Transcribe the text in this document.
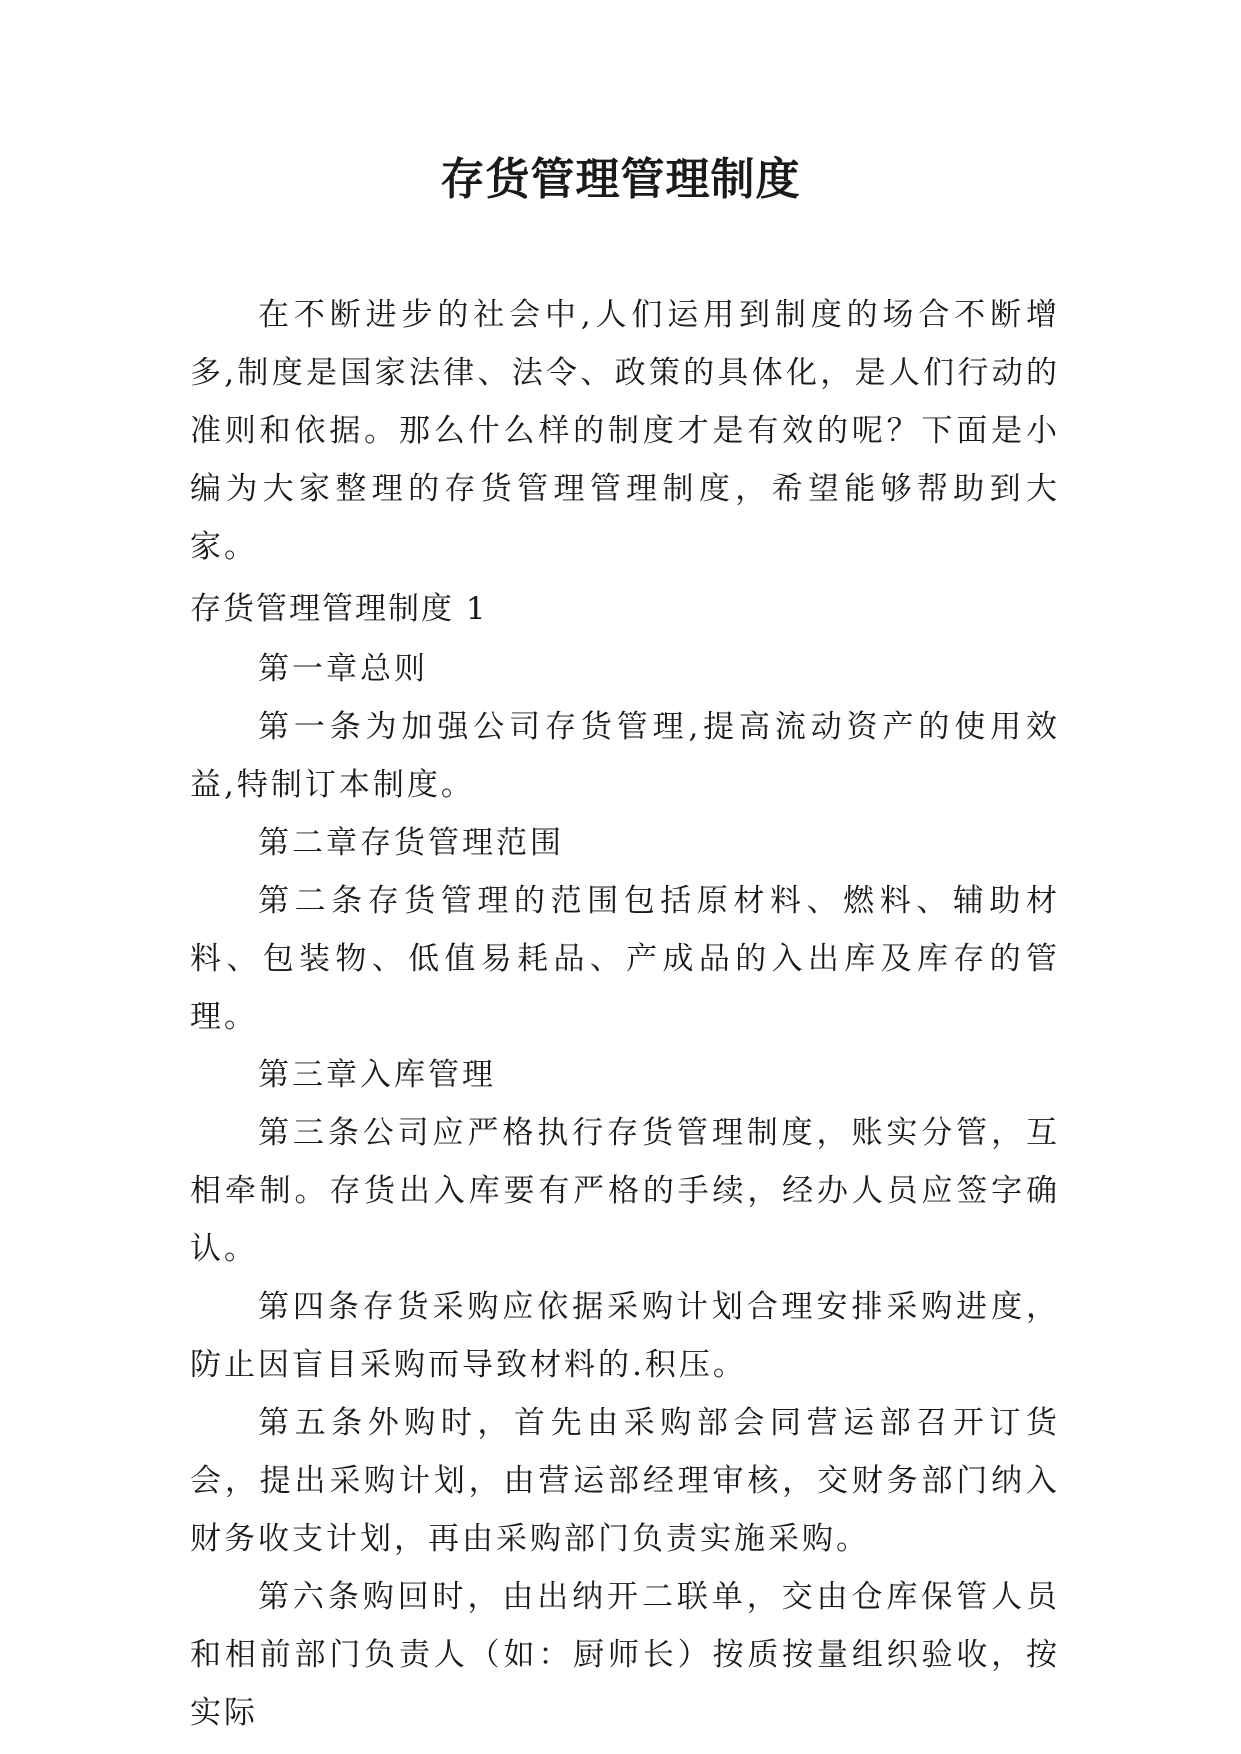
存货管理管理制度

在不断进步的社会中,人们运用到制度的场合不断增多,制度是国家法律、法令、政策的具体化，是人们行动的准则和依据。那么什么样的制度才是有效的呢？下面是小编为大家整理的存货管理管理制度，希望能够帮助到大家。

存货管理管理制度 1

第一章总则

第一条为加强公司存货管理,提高流动资产的使用效益,特制订本制度。

第二章存货管理范围

第二条存货管理的范围包括原材料、燃料、辅助材料、包装物、低值易耗品、产成品的入出库及库存的管理。

第三章入库管理

第三条公司应严格执行存货管理制度，账实分管，互相牵制。存货出入库要有严格的手续，经办人员应签字确认。

第四条存货采购应依据采购计划合理安排采购进度，防止因盲目采购而导致材料的.积压。

第五条外购时，首先由采购部会同营运部召开订货会，提出采购计划，由营运部经理审核，交财务部门纳入财务收支计划，再由采购部门负责实施采购。

第六条购回时，由出纳开二联单，交由仓库保管人员和相前部门负责人（如：厨师长）按质按量组织验收，按实际
